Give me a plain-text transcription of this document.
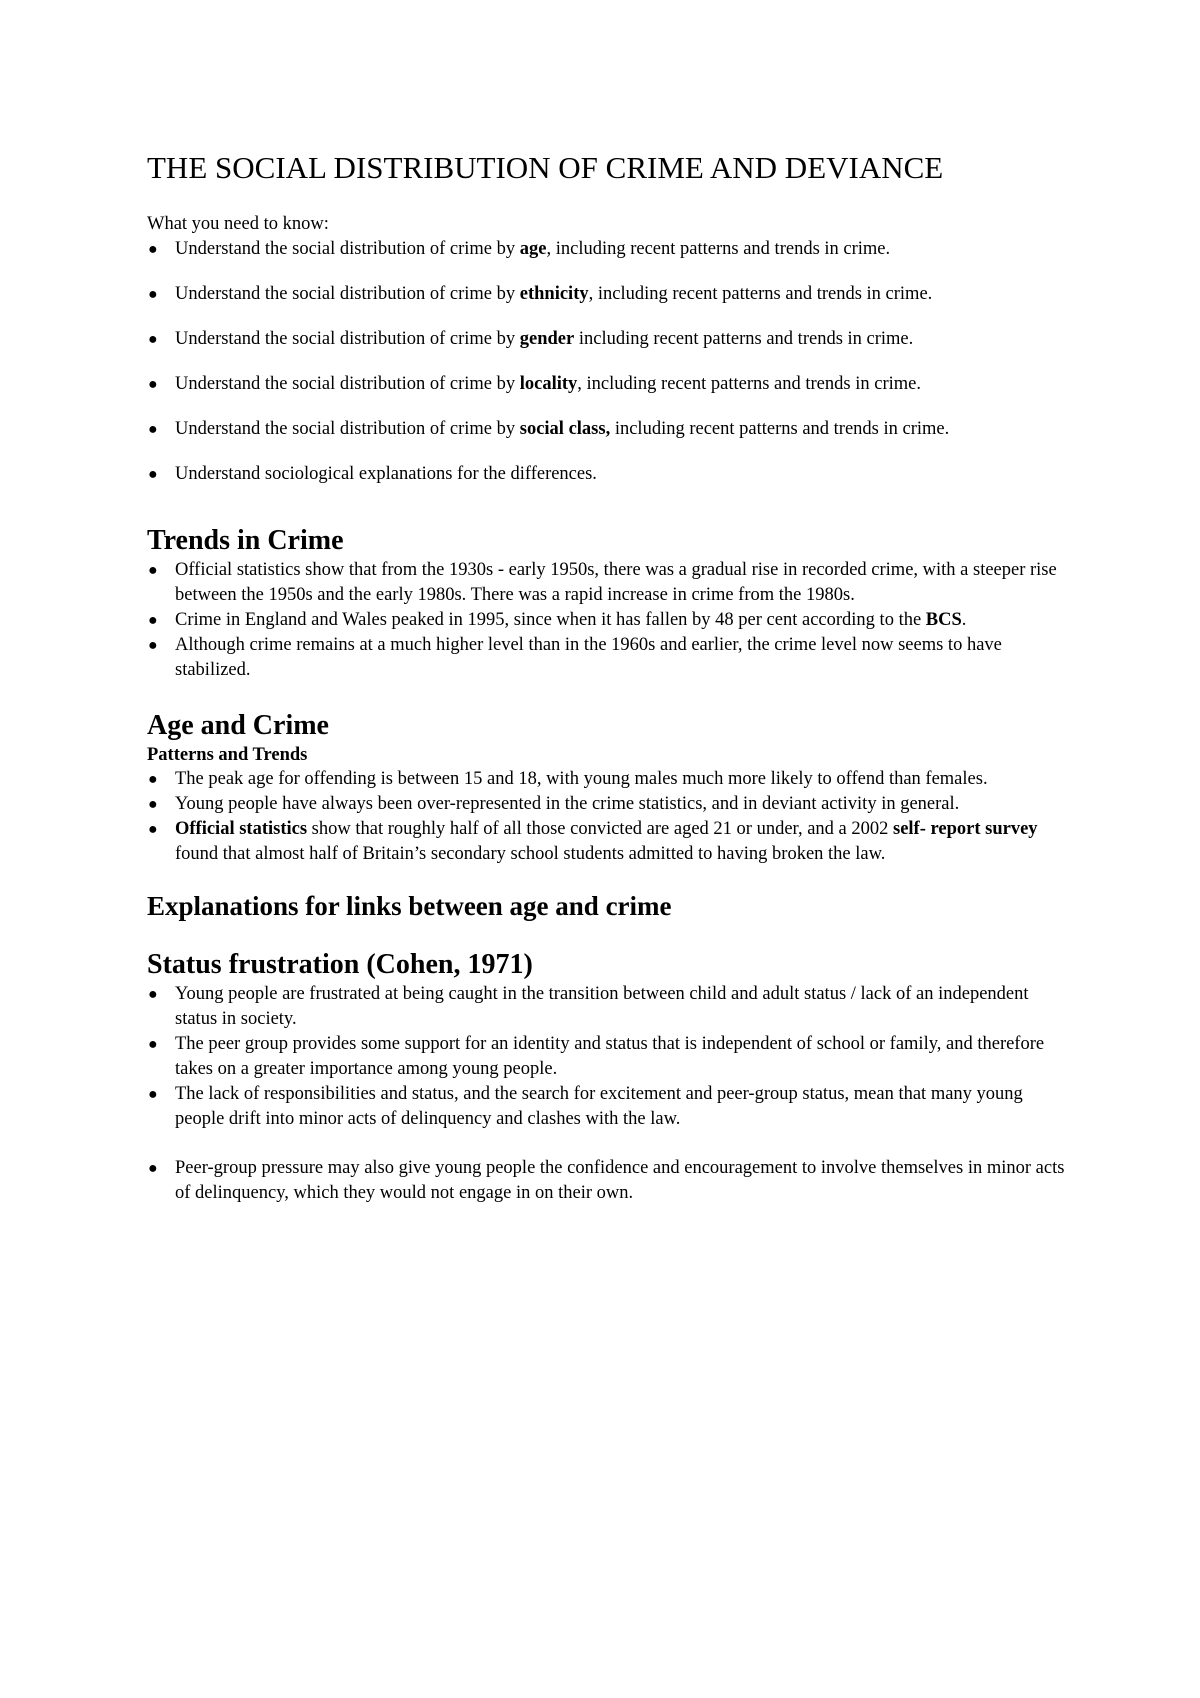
THE SOCIAL DISTRIBUTION OF CRIME AND DEVIANCE

What you need to know:

● Understand the social distribution of crime by age, including recent patterns and trends in crime.
● Understand the social distribution of crime by ethnicity, including recent patterns and trends in crime.
● Understand the social distribution of crime by gender including recent patterns and trends in crime.
● Understand the social distribution of crime by locality, including recent patterns and trends in crime.
● Understand the social distribution of crime by social class, including recent patterns and trends in crime.
● Understand sociological explanations for the differences.
Trends in Crime
● Official statistics show that from the 1930s - early 1950s, there was a gradual rise in recorded crime, with a steeper rise between the 1950s and the early 1980s. There was a rapid increase in crime from the 1980s.
● Crime in England and Wales peaked in 1995, since when it has fallen by 48 per cent according to the BCS.
● Although crime remains at a much higher level than in the 1960s and earlier, the crime level now seems to have stabilized.
Age and Crime
Patterns and Trends
● The peak age for offending is between 15 and 18, with young males much more likely to offend than females.
● Young people have always been over-represented in the crime statistics, and in deviant activity in general.
● Official statistics show that roughly half of all those convicted are aged 21 or under, and a 2002 self- report survey found that almost half of Britain’s secondary school students admitted to having broken the law.
Explanations for links between age and crime
Status frustration (Cohen, 1971)
● Young people are frustrated at being caught in the transition between child and adult status / lack of an independent status in society.
● The peer group provides some support for an identity and status that is independent of school or family, and therefore takes on a greater importance among young people.
● The lack of responsibilities and status, and the search for excitement and peer-group status, mean that many young people drift into minor acts of delinquency and clashes with the law.
● Peer-group pressure may also give young people the confidence and encouragement to involve themselves in minor acts of delinquency, which they would not engage in on their own.
